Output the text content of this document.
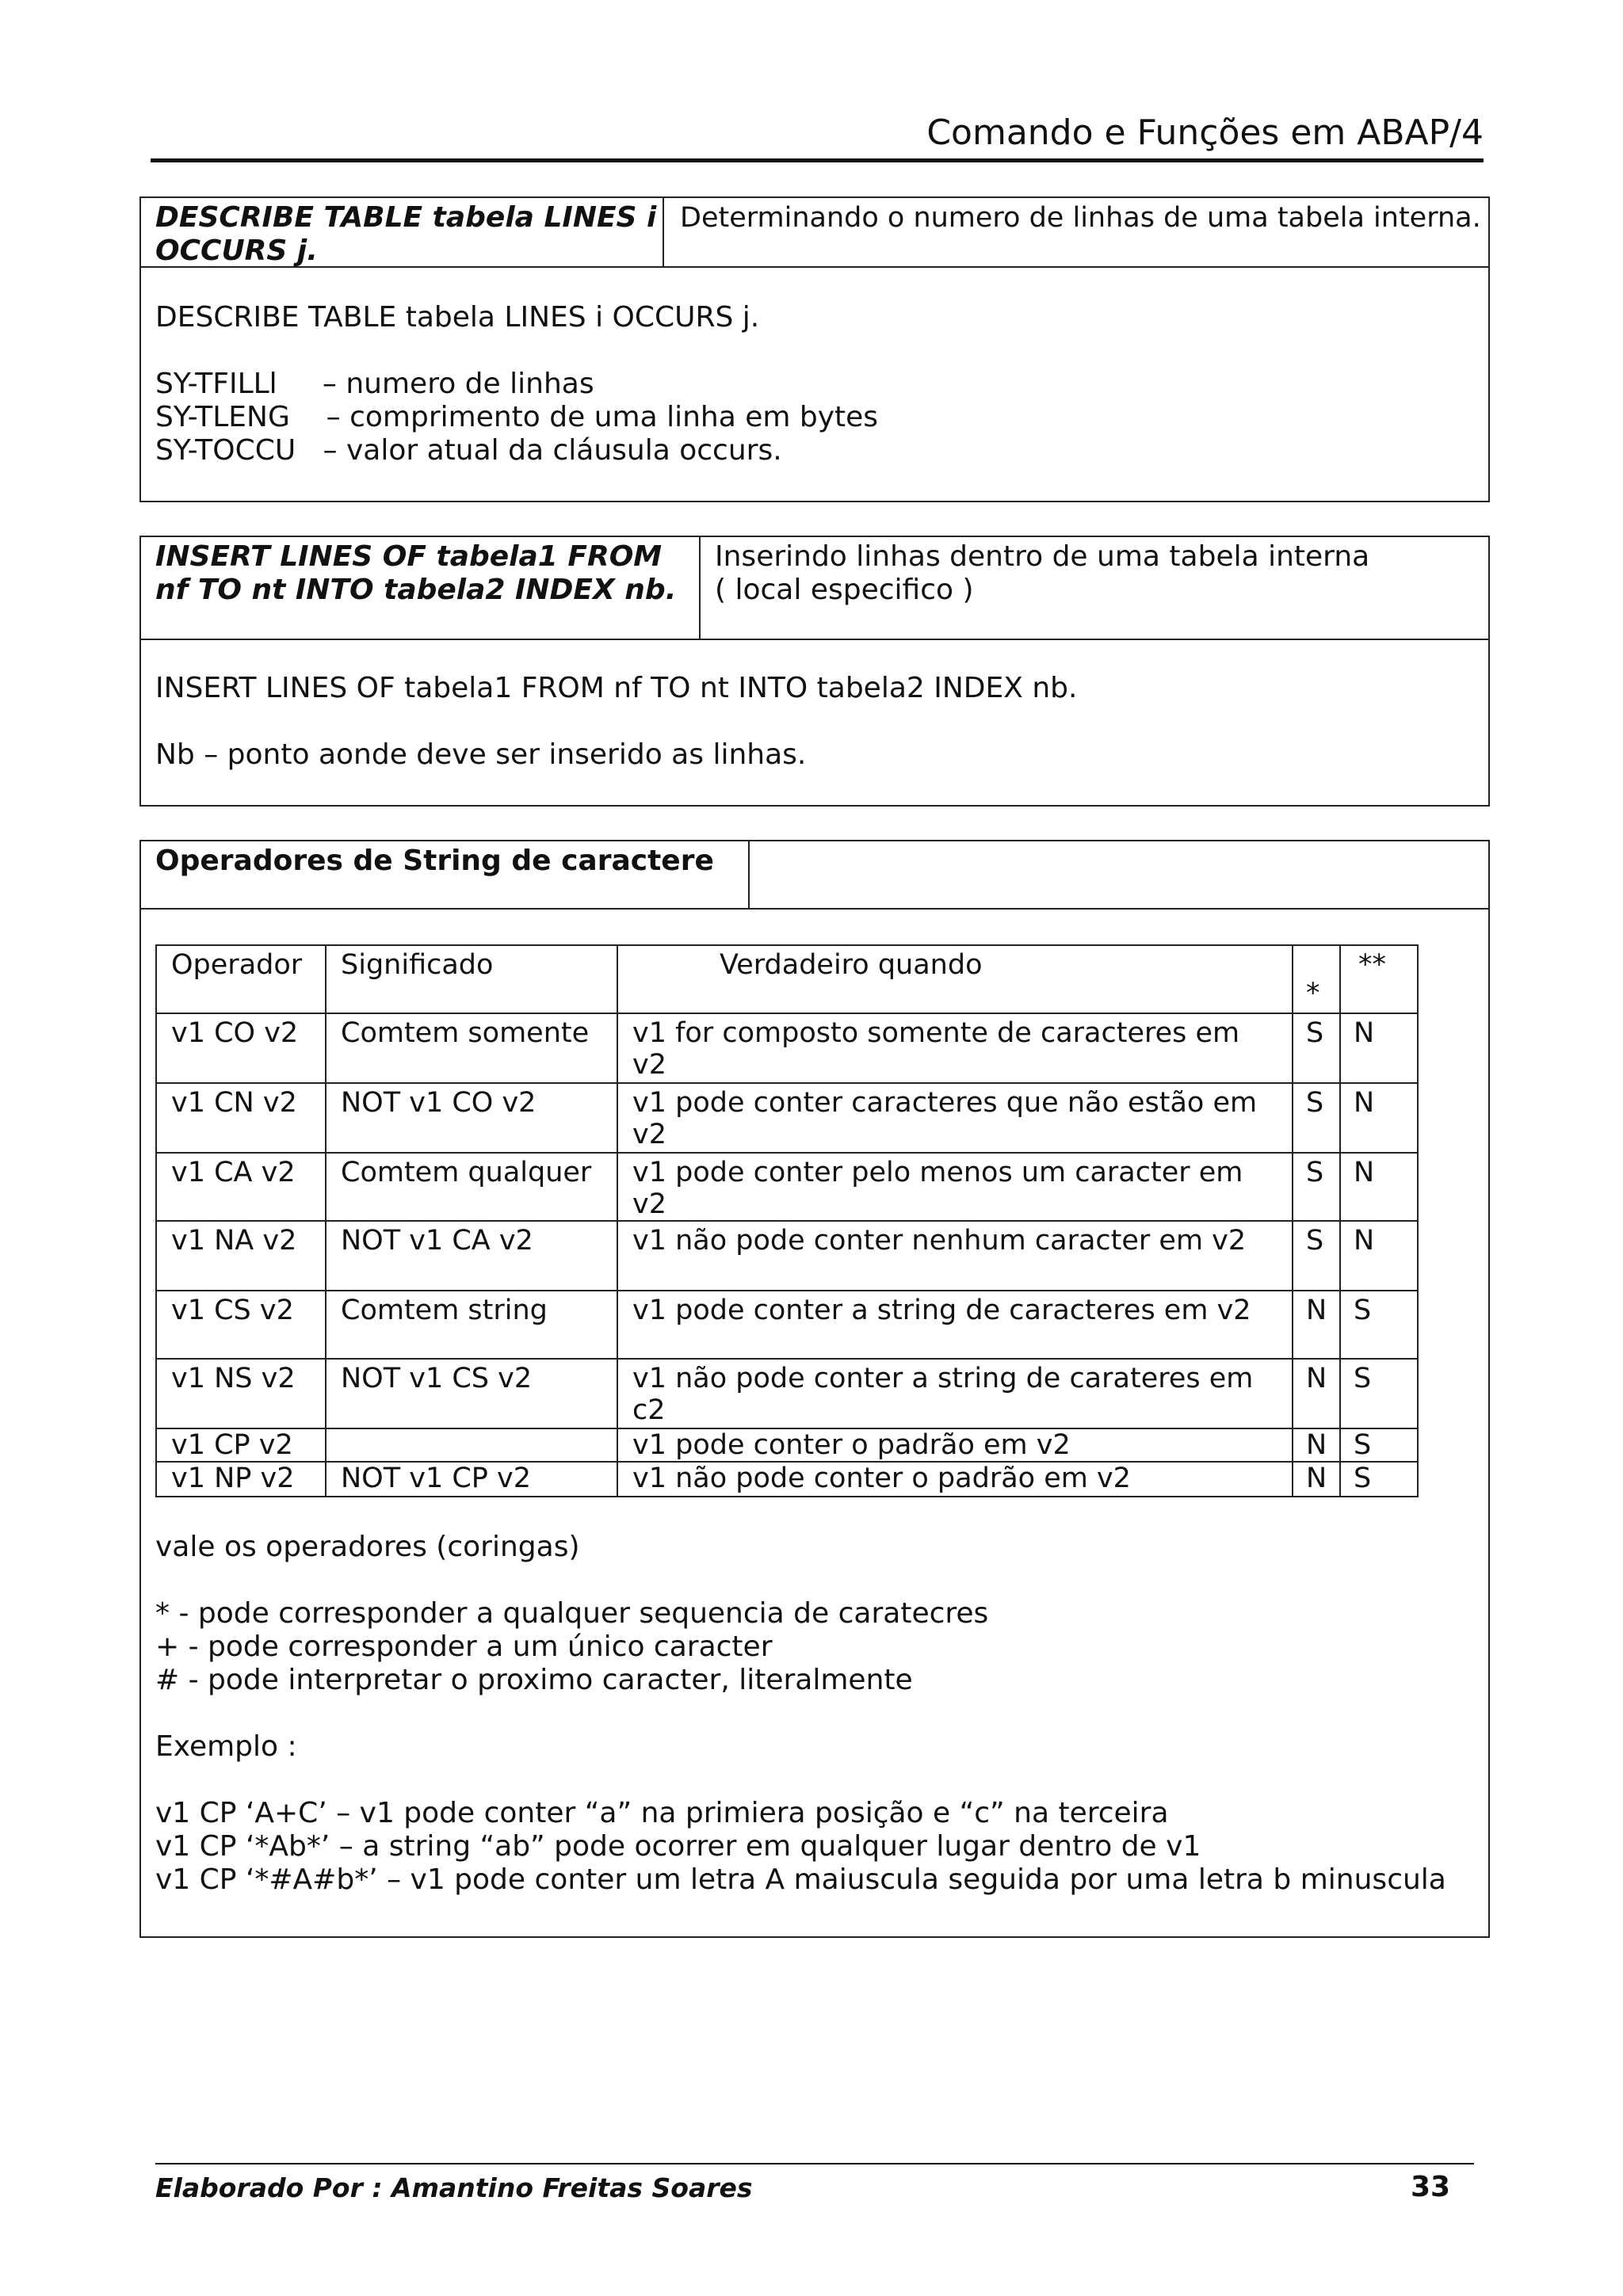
Comando e Funções em ABAP/4
DESCRIBE TABLE tabela LINES i
OCCURS j.
Determinando o numero de linhas de uma tabela interna.
DESCRIBE TABLE tabela LINES i OCCURS j.
SY-TFILLl     – numero de linhas
SY-TLENG    – comprimento de uma linha em bytes
SY-TOCCU   – valor atual da cláusula occurs.
INSERT LINES OF tabela1 FROM
nf TO nt INTO tabela2 INDEX nb.
Inserindo linhas dentro de uma tabela interna
( local especifico )
INSERT LINES OF tabela1 FROM nf TO nt INTO tabela2 INDEX nb.
Nb – ponto aonde deve ser inserido as linhas.
Operadores de String de caractere
Operador	Significado	Verdadeiro quando	*	**
v1 CO v2	Comtem somente	v1 for composto somente de caracteres em v2	S	N
v1 CN v2	NOT v1 CO v2	v1 pode conter caracteres que não estão em v2	S	N
v1 CA v2	Comtem qualquer	v1 pode conter pelo menos um caracter em v2	S	N
v1 NA v2	NOT v1 CA v2	v1 não pode conter nenhum caracter em v2	S	N
v1 CS v2	Comtem string	v1 pode conter a string de caracteres em v2	N	S
v1 NS v2	NOT v1 CS v2	v1 não pode conter a string de carateres em c2	N	S
v1 CP v2		v1 pode conter o padrão em v2	N	S
v1 NP v2	NOT v1 CP v2	v1 não pode conter o padrão em v2	N	S
vale os operadores (coringas)
* - pode corresponder a qualquer sequencia de caratecres
+ - pode corresponder a um único caracter
# - pode interpretar o proximo caracter, literalmente
Exemplo :
v1 CP ‘A+C’ – v1 pode conter “a” na primiera posição e “c” na terceira
v1 CP ‘*Ab*’ – a string “ab” pode ocorrer em qualquer lugar dentro de v1
v1 CP ‘*#A#b*’ – v1 pode conter um letra A maiuscula seguida por uma letra b minuscula
Elaborado Por : Amantino Freitas Soares	33
